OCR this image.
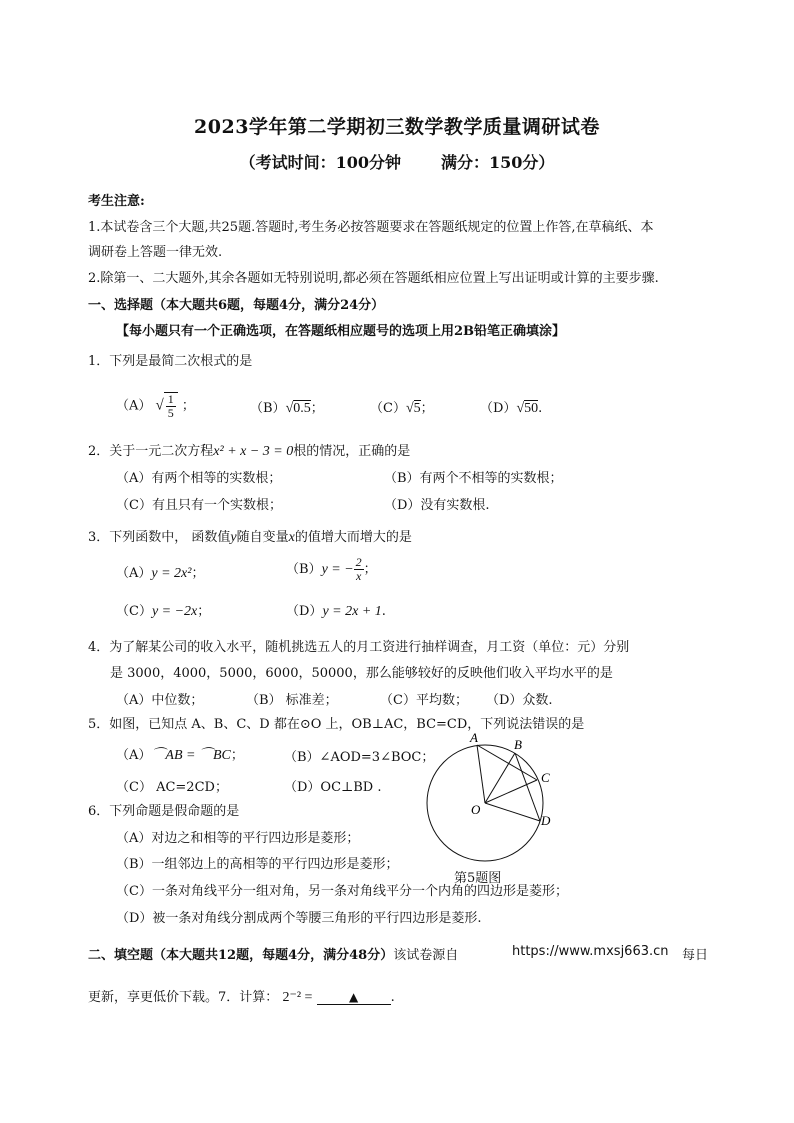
2023学年第二学期初三数学教学质量调研试卷
（考试时间：100分钟	满分：150分）
考生注意:
1.本试卷含三个大题,共25题.答题时,考生务必按答题要求在答题纸规定的位置上作答,在草稿纸、本
调研卷上答题一律无效.
2.除第一、二大题外,其余各题如无特别说明,都必须在答题纸相应位置上写出证明或计算的主要步骤.
一、选择题（本大题共6题，每题4分，满分24分）
【每小题只有一个正确选项，在答题纸相应题号的选项上用2B铅笔正确填涂】
1．下列是最简二次根式的是
（A） √ $\frac{1}{5}$ ；	（B）√0.5；	（C）√5；	（D）√50.
2．关于一元二次方程x² + x − 3 = 0根的情况，正确的是
（A）有两个相等的实数根；	（B）有两个不相等的实数根；
（C）有且只有一个实数根；	（D）没有实数根.
3．下列函数中， 函数值y随自变量x的值增大而增大的是
（A）y = 2x²；	（B）y = − $\frac{2}{x}$ ；
（C）y = −2x；	（D）y = 2x + 1.
4．为了解某公司的收入水平，随机挑选五人的月工资进行抽样调查，月工资（单位：元）分别
是 3000，4000，5000，6000，50000，那么能够较好的反映他们收入平均水平的是
（A）中位数；	（B） 标准差；	（C）平均数； （D）众数.
5．如图，已知点 A、B、C、D 都在⊙O 上，OB⊥AC，BC=CD，下列说法错误的是
（A）⌒AB = ⌒BC；	（B）∠AOD=3∠BOC；
（C） AC=2CD；	（D）OC⊥BD .
A	B
C
D
O
第5题图
6．下列命题是假命题的是
（A）对边之和相等的平行四边形是菱形；
（B）一组邻边上的高相等的平行四边形是菱形；
（C）一条对角线平分一组对角，另一条对角线平分一个内角的四边形是菱形；
（D）被一条对角线分割成两个等腰三角形的平行四边形是菱形.
二、填空题（本大题共12题，每题4分，满分48分）该试卷源自	https://www.mxsj663.cn 每日
更新，享更低价下载。7．计算： 2⁻² =	▲ .
